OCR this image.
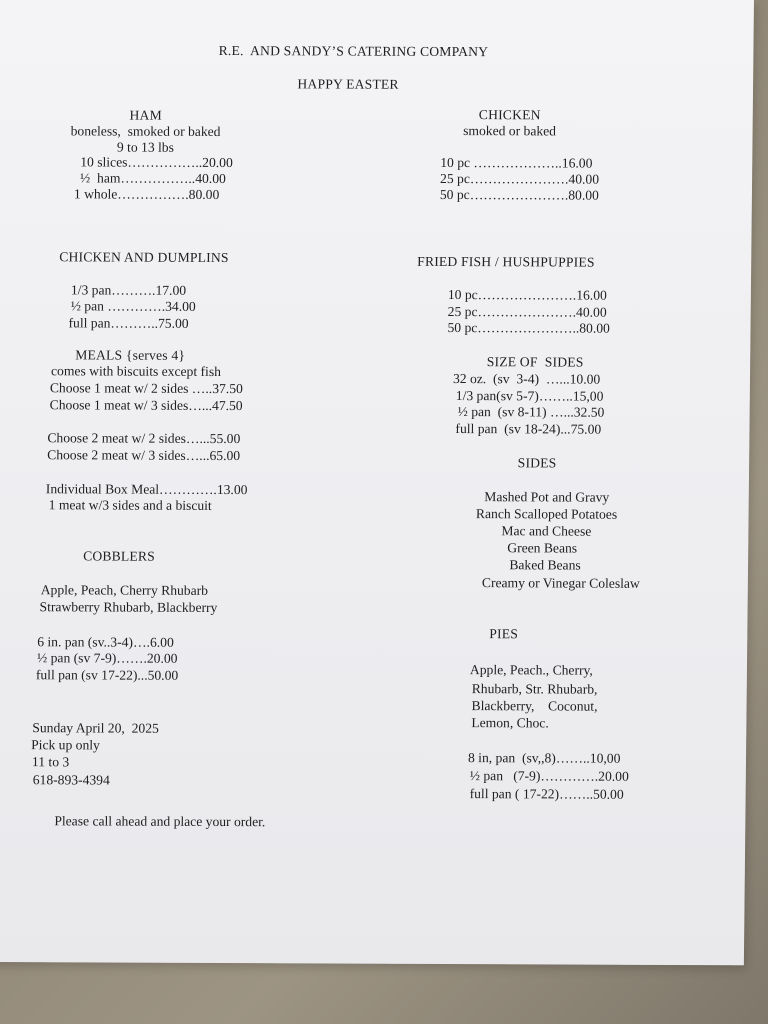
R.E.  AND SANDY’S CATERING COMPANY
HAPPY EASTER
HAM
boneless,  smoked or baked
9 to 13 lbs
10 slices……………..20.00
½  ham……………..40.00
1 whole…………….80.00
CHICKEN
smoked or baked
10 pc ………………..16.00
25 pc………………….40.00
50 pc………………….80.00
CHICKEN AND DUMPLINS
1/3 pan……….17.00
½ pan ………….34.00
full pan………..75.00
FRIED FISH / HUSHPUPPIES
10 pc………………….16.00
25 pc………………….40.00
50 pc…………………..80.00
MEALS {serves 4}
comes with biscuits except fish
Choose 1 meat w/ 2 sides …..37.50
Choose 1 meat w/ 3 sides…...47.50
Choose 2 meat w/ 2 sides…...55.00
Choose 2 meat w/ 3 sides…...65.00
Individual Box Meal………….13.00
1 meat w/3 sides and a biscuit
SIZE OF  SIDES
32 oz.  (sv  3-4)  …...10.00
1/3 pan(sv 5-7)……..15,00
½ pan  (sv 8-11) …...32.50
full pan  (sv 18-24)...75.00
SIDES
Mashed Pot and Gravy
Ranch Scalloped Potatoes
Mac and Cheese
Green Beans
Baked Beans
Creamy or Vinegar Coleslaw
COBBLERS
Apple, Peach, Cherry Rhubarb
Strawberry Rhubarb, Blackberry
6 in. pan (sv..3-4)….6.00
½ pan (sv 7-9)…….20.00
full pan (sv 17-22)...50.00
PIES
Apple, Peach., Cherry,
Rhubarb, Str. Rhubarb,
Blackberry,    Coconut,
Lemon, Choc.
8 in, pan  (sv,,8)……..10,00
½ pan   (7-9)………….20.00
full pan ( 17-22)……..50.00
Sunday April 20,  2025
Pick up only
11 to 3
618-893-4394
Please call ahead and place your order.
